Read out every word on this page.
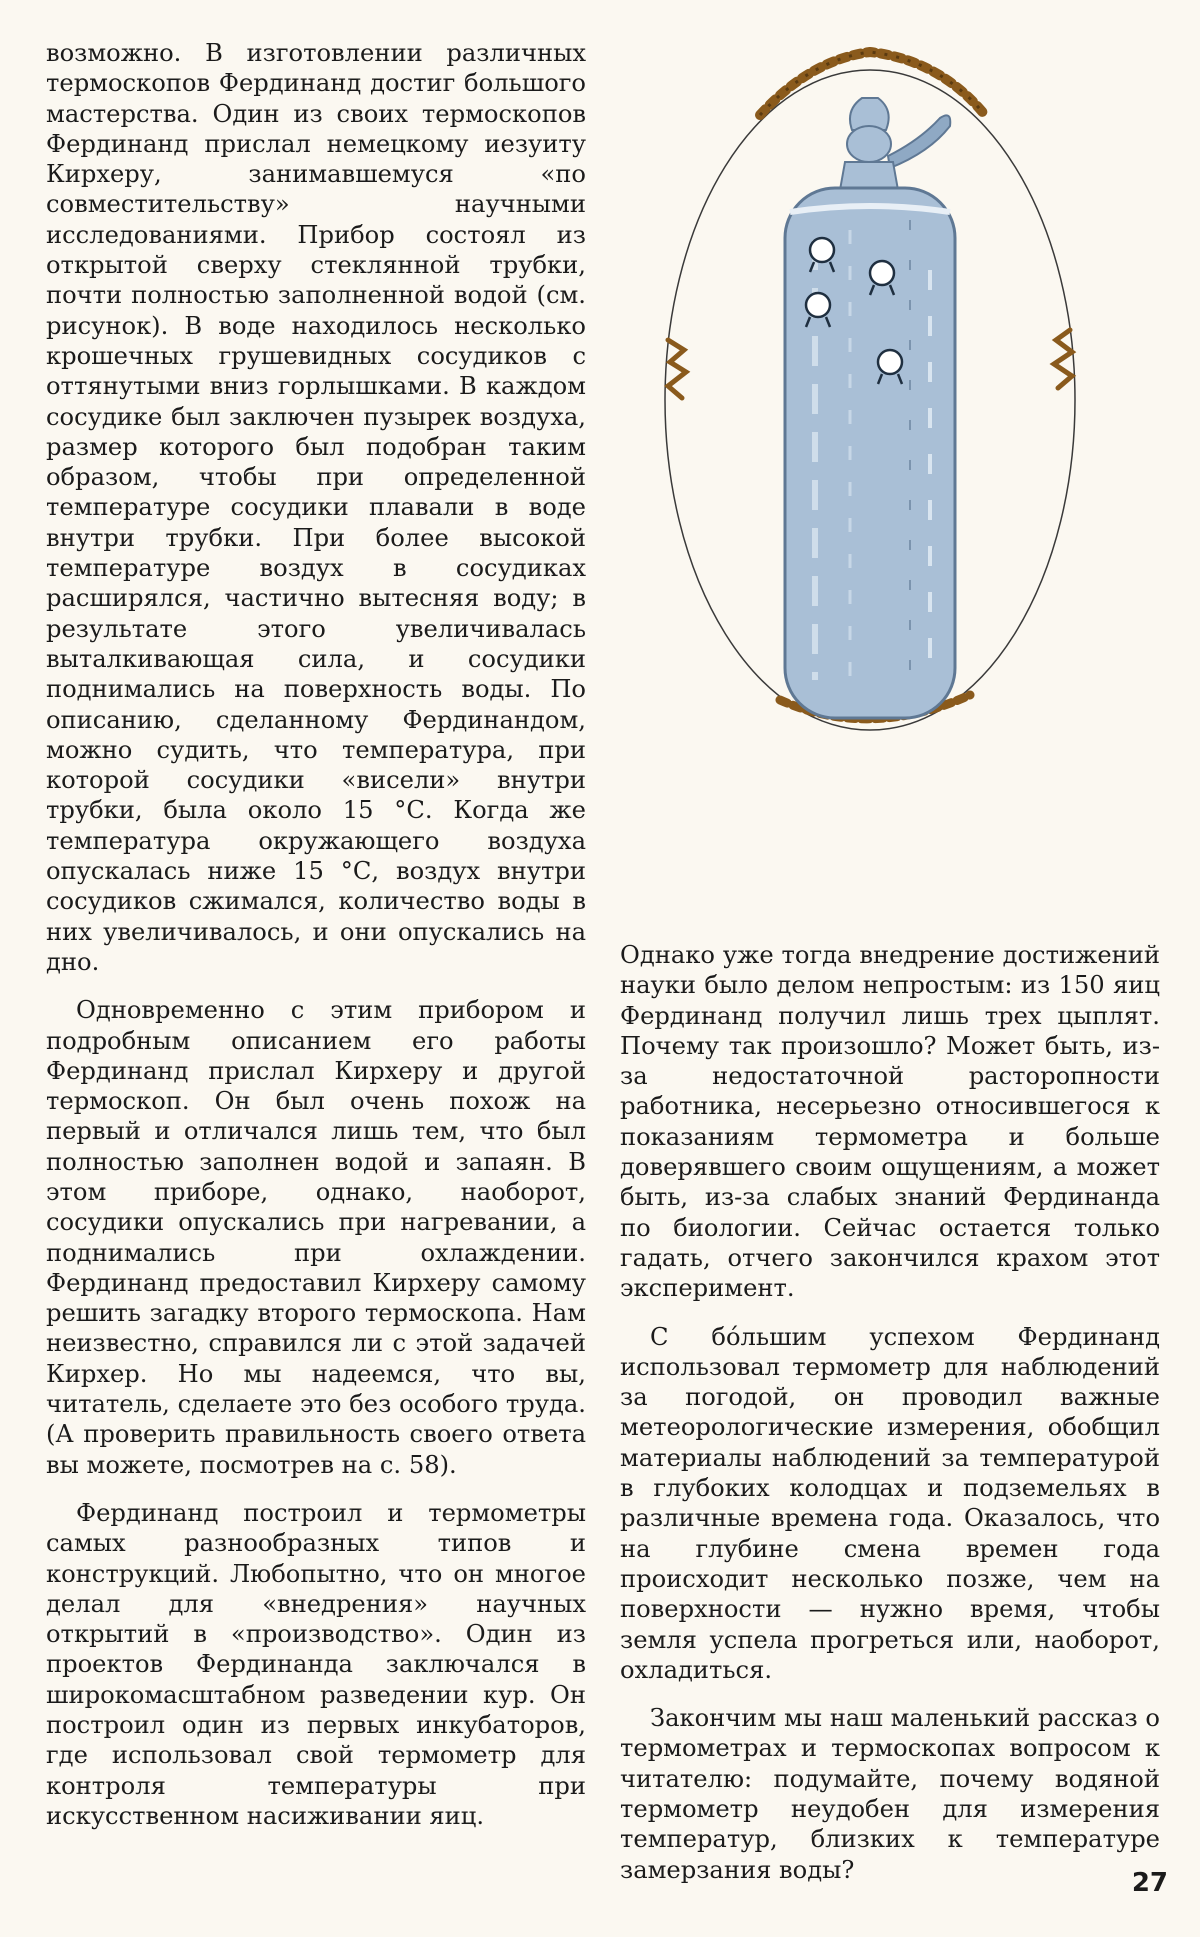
возможно. В изготовлении различных термоскопов Фердинанд достиг большого мастерства. Один из своих термоскопов Фердинанд прислал немецкому иезуиту Кирхеру, занимавшемуся «по совместительству» научными исследованиями. Прибор состоял из открытой сверху стеклянной трубки, почти полностью заполненной водой (см. рисунок). В воде находилось несколько крошечных грушевидных сосудиков с оттянутыми вниз горлышками. В каждом сосудике был заключен пузырек воздуха, размер которого был подобран таким образом, чтобы при определенной температуре сосудики плавали в воде внутри трубки. При более высокой температуре воздух в сосудиках расширялся, частично вытесняя воду; в результате этого увеличивалась выталкивающая сила, и сосудики поднимались на поверхность воды. По описанию, сделанному Фердинандом, можно судить, что температура, при которой сосудики «висели» внутри трубки, была около 15 °С. Когда же температура окружающего воздуха опускалась ниже 15 °С, воздух внутри сосудиков сжимался, количество воды в них увеличивалось, и они опускались на дно.

Одновременно с этим прибором и подробным описанием его работы Фердинанд прислал Кирхеру и другой термоскоп. Он был очень похож на первый и отличался лишь тем, что был полностью заполнен водой и запаян. В этом приборе, однако, наоборот, сосудики опускались при нагревании, а поднимались при охлаждении. Фердинанд предоставил Кирхеру самому решить загадку второго термоскопа. Нам неизвестно, справился ли с этой задачей Кирхер. Но мы надеемся, что вы, читатель, сделаете это без особого труда. (А проверить правильность своего ответа вы можете, посмотрев на с. 58).

Фердинанд построил и термометры самых разнообразных типов и конструкций. Любопытно, что он многое делал для «внедрения» научных открытий в «производство». Один из проектов Фердинанда заключался в широкомасштабном разведении кур. Он построил один из первых инкубаторов, где использовал свой термометр для контроля температуры при искусственном насиживании яиц.

Однако уже тогда внедрение достижений науки было делом непростым: из 150 яиц Фердинанд получил лишь трех цыплят. Почему так произошло? Может быть, из-за недостаточной расторопности работника, несерьезно относившегося к показаниям термометра и больше доверявшего своим ощущениям, а может быть, из-за слабых знаний Фердинанда по биологии. Сейчас остается только гадать, отчего закончился крахом этот эксперимент.

С бо́льшим успехом Фердинанд использовал термометр для наблюдений за погодой, он проводил важные метеорологические измерения, обобщил материалы наблюдений за температурой в глубоких колодцах и подземельях в различные времена года. Оказалось, что на глубине смена времен года происходит несколько позже, чем на поверхности — нужно время, чтобы земля успела прогреться или, наоборот, охладиться.

Закончим мы наш маленький рассказ о термометрах и термоскопах вопросом к читателю: подумайте, почему водяной термометр неудобен для измерения температур, близких к температуре замерзания воды?	27
